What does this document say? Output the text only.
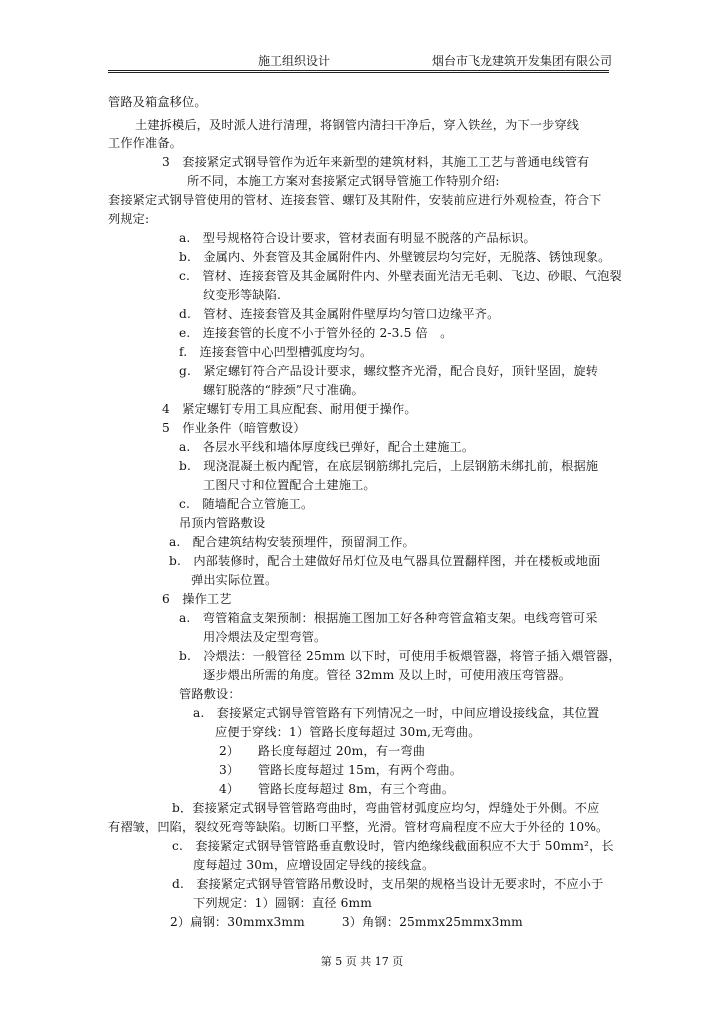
施工组织设计	烟台市飞龙建筑开发集团有限公司
管路及箱盒移位。
土建拆模后，及时派人进行清理，将钢管内清扫干净后，穿入铁丝，为下一步穿线
工作作准备。
3　套接紧定式钢导管作为近年来新型的建筑材料，其施工工艺与普通电线管有
所不同，本施工方案对套接紧定式钢导管施工作特别介绍:
套接紧定式钢导管使用的管材、连接套管、螺钉及其附件，安装前应进行外观检查，符合下
列规定:
a.　型号规格符合设计要求，管材表面有明显不脱落的产品标识。
b.　金属内、外套管及其金属附件内、外壁镀层均匀完好，无脱落、锈蚀现象。
c.　管材、连接套管及其金属附件内、外壁表面光洁无毛刺、飞边、砂眼、气泡裂
纹变形等缺陷.
d.　管材、连接套管及其金属附件壁厚均匀管口边缘平齐。
e.　连接套管的长度不小于管外径的 2-3.5 倍　。
f.　连接套管中心凹型槽弧度均匀。
g.　紧定螺钉符合产品设计要求，螺纹整齐光滑，配合良好，顶针坚固，旋转
螺钉脱落的“脖颈”尺寸准确。
4　紧定螺钉专用工具应配套、耐用便于操作。
5　作业条件（暗管敷设）
a.　各层水平线和墙体厚度线已弹好，配合土建施工。
b.　现浇混凝土板内配管，在底层钢筋绑扎完后，上层钢筋未绑扎前，根据施
工图尺寸和位置配合土建施工。
c.　随墙配合立管施工。
吊顶内管路敷设
a.　配合建筑结构安装预埋件，预留洞工作。
b.　内部装修时，配合土建做好吊灯位及电气器具位置翻样图，并在楼板或地面
弹出实际位置。
6　操作工艺
a.　弯管箱盒支架预制：根据施工图加工好各种弯管盒箱支架。电线弯管可采
用冷煨法及定型弯管。
b.　冷煨法：一般管径 25mm 以下时，可使用手板煨管器，将管子插入煨管器，
逐步煨出所需的角度。管径 32mm 及以上时，可使用液压弯管器。
管路敷设：
a.　套接紧定式钢导管管路有下列情况之一时，中间应增设接线盒，其位置
应便于穿线：1）管路长度每超过 30m,无弯曲。
2）　　路长度每超过 20m，有一弯曲
3）　　管路长度每超过 15m，有两个弯曲。
4）　　管路长度每超过 8m，有三个弯曲。
b．套接紧定式钢导管管路弯曲时，弯曲管材弧度应均匀，焊缝处于外侧。不应
有褶皱，凹陷，裂纹死弯等缺陷。切断口平整，光滑。管材弯扁程度不应大于外径的 10%。
c.　套接紧定式钢导管管路垂直敷设时，管内绝缘线截面积应不大于 50mm²，长
度每超过 30m，应增设固定导线的接线盒。
d.　套接紧定式钢导管管路吊敷设时，支吊架的规格当设计无要求时，不应小于
下列规定：1）圆钢：直径 6mm
2）扁钢：30mmx3mm　　　3）角钢：25mmx25mmx3mm
第 5 页 共 17 页
